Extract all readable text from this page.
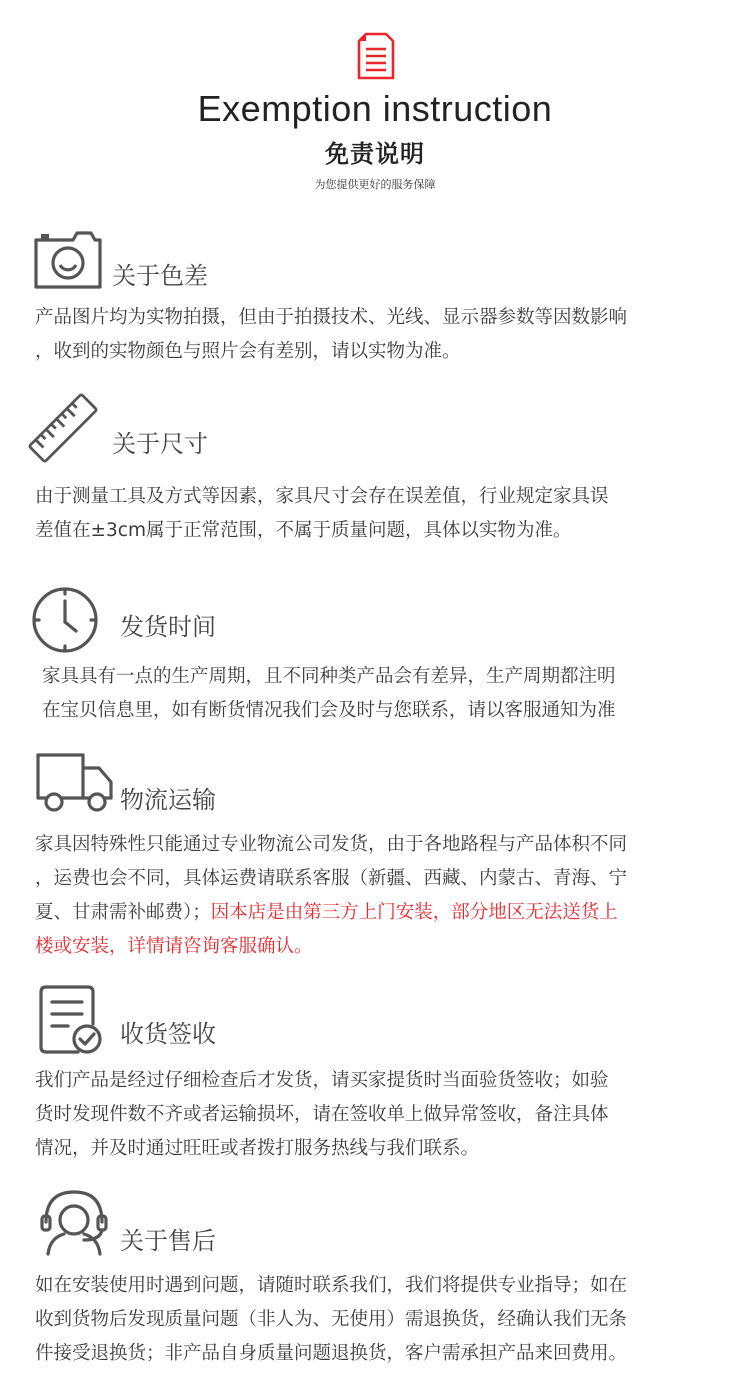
Exemption instruction
免责说明
为您提供更好的服务保障
关于色差

产品图片均为实物拍摄，但由于拍摄技术、光线、显示器参数等因数影响

，收到的实物颜色与照片会有差别，请以实物为准。

关于尺寸

由于测量工具及方式等因素，家具尺寸会存在误差值，行业规定家具误

差值在±3cm属于正常范围，不属于质量问题，具体以实物为准。

发货时间

家具具有一点的生产周期，且不同种类产品会有差异，生产周期都注明

在宝贝信息里，如有断货情况我们会及时与您联系，请以客服通知为准

物流运输

家具因特殊性只能通过专业物流公司发货，由于各地路程与产品体积不同

，运费也会不同，具体运费请联系客服（新疆、西藏、内蒙古、青海、宁

夏、甘肃需补邮费）；因本店是由第三方上门安装，部分地区无法送货上

楼或安装，详情请咨询客服确认。

收货签收

我们产品是经过仔细检查后才发货，请买家提货时当面验货签收；如验

货时发现件数不齐或者运输损坏，请在签收单上做异常签收，备注具体

情况，并及时通过旺旺或者拨打服务热线与我们联系。

关于售后

如在安装使用时遇到问题，请随时联系我们，我们将提供专业指导；如在

收到货物后发现质量问题（非人为、无使用）需退换货，经确认我们无条

件接受退换货；非产品自身质量问题退换货，客户需承担产品来回费用。
